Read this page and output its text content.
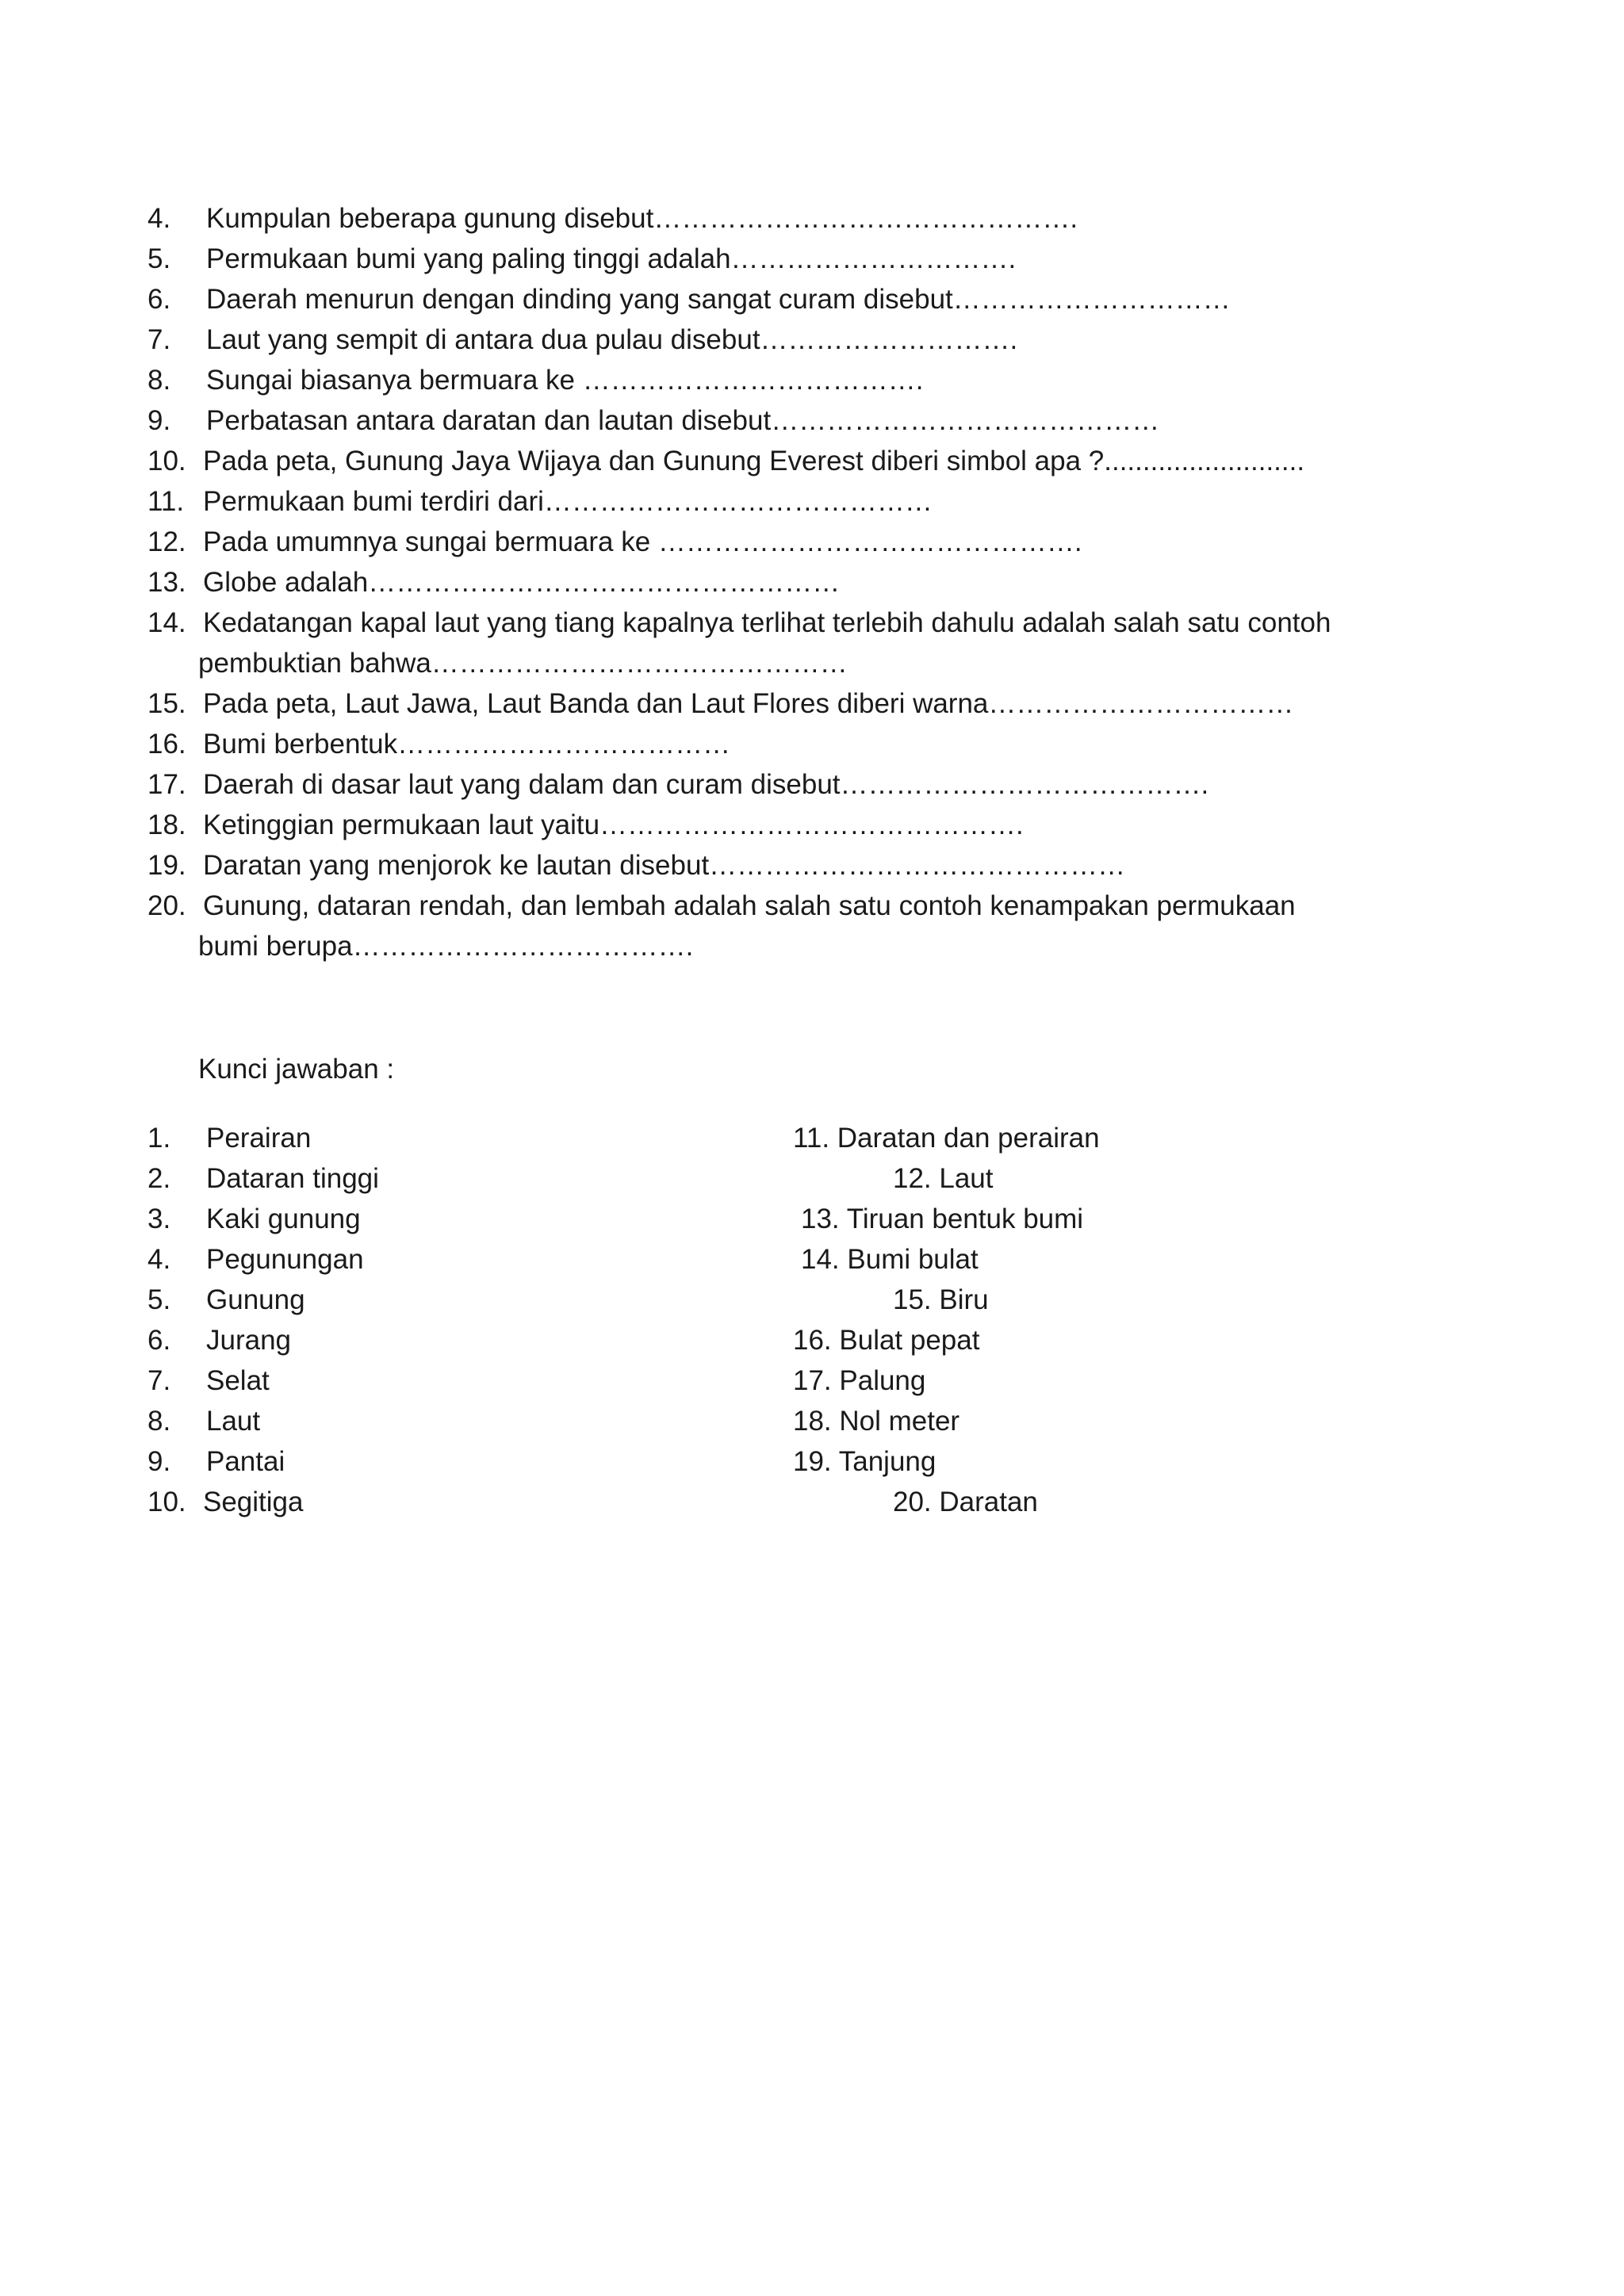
4.	Kumpulan beberapa gunung disebut……………………………………….
5.	Permukaan bumi yang paling tinggi adalah………………………….
6.	Daerah menurun dengan dinding yang sangat curam disebut…………………………
7.	Laut yang sempit di antara dua pulau disebut……………………….
8.	Sungai biasanya bermuara ke ……………………………….
9.	Perbatasan antara daratan dan lautan disebut……………………………………
10. Pada peta, Gunung Jaya Wijaya dan Gunung Everest diberi simbol apa ?..........................
11. Permukaan bumi terdiri dari……………………………………
12. Pada umumnya sungai bermuara ke ……………………………………….
13. Globe adalah……………………………………………
14. Kedatangan kapal laut yang tiang kapalnya terlihat terlebih dahulu adalah salah satu contoh
pembuktian bahwa………………………………………
15. Pada peta, Laut Jawa, Laut Banda dan Laut Flores diberi warna……………………………
16. Bumi berbentuk………………………………
17. Daerah di dasar laut yang dalam dan curam disebut………………………………….
18. Ketinggian permukaan laut yaitu……………………………………….
19. Daratan yang menjorok ke lautan disebut………………………………………
20. Gunung, dataran rendah, dan lembah adalah salah satu contoh kenampakan permukaan
bumi berupa……………………………….
Kunci jawaban :
1. Perairan
2. Dataran tinggi
3. Kaki gunung
4. Pegunungan
5. Gunung
6. Jurang
7. Selat
8. Laut
9. Pantai
10. Segitiga
11. Daratan dan perairan
12. Laut
13. Tiruan bentuk bumi
14. Bumi bulat
15. Biru
16. Bulat pepat
17. Palung
18. Nol meter
19. Tanjung
20. Daratan
